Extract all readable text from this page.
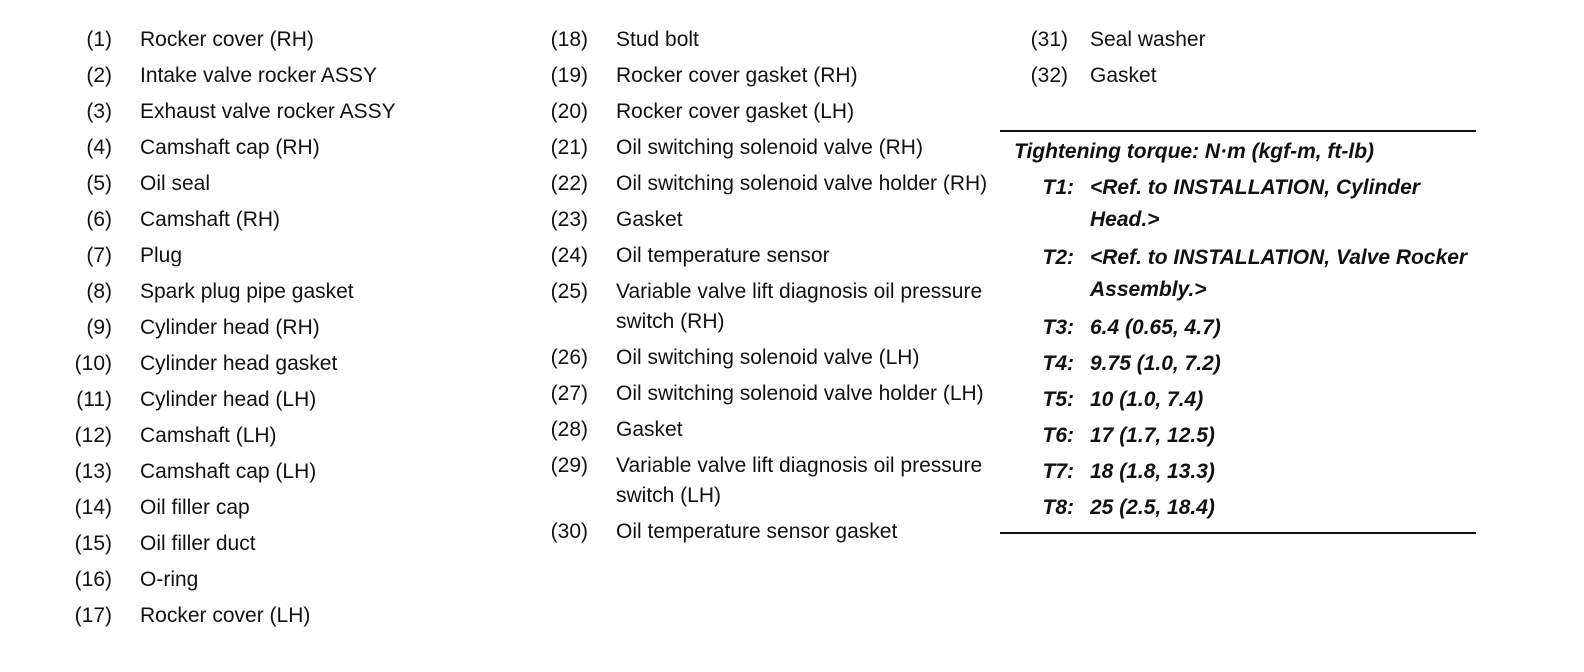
(1) Rocker cover (RH)
(2) Intake valve rocker ASSY
(3) Exhaust valve rocker ASSY
(4) Camshaft cap (RH)
(5) Oil seal
(6) Camshaft (RH)
(7) Plug
(8) Spark plug pipe gasket
(9) Cylinder head (RH)
(10) Cylinder head gasket
(11) Cylinder head (LH)
(12) Camshaft (LH)
(13) Camshaft cap (LH)
(14) Oil filler cap
(15) Oil filler duct
(16) O-ring
(17) Rocker cover (LH)
(18) Stud bolt
(19) Rocker cover gasket (RH)
(20) Rocker cover gasket (LH)
(21) Oil switching solenoid valve (RH)
(22) Oil switching solenoid valve holder (RH)
(23) Gasket
(24) Oil temperature sensor
(25) Variable valve lift diagnosis oil pressure switch (RH)
(26) Oil switching solenoid valve (LH)
(27) Oil switching solenoid valve holder (LH)
(28) Gasket
(29) Variable valve lift diagnosis oil pressure switch (LH)
(30) Oil temperature sensor gasket
(31) Seal washer
(32) Gasket
Tightening torque: N·m (kgf-m, ft-lb)
T1: <Ref. to INSTALLATION, Cylinder Head.>
T2: <Ref. to INSTALLATION, Valve Rocker Assembly.>
T3: 6.4 (0.65, 4.7)
T4: 9.75 (1.0, 7.2)
T5: 10 (1.0, 7.4)
T6: 17 (1.7, 12.5)
T7: 18 (1.8, 13.3)
T8: 25 (2.5, 18.4)
